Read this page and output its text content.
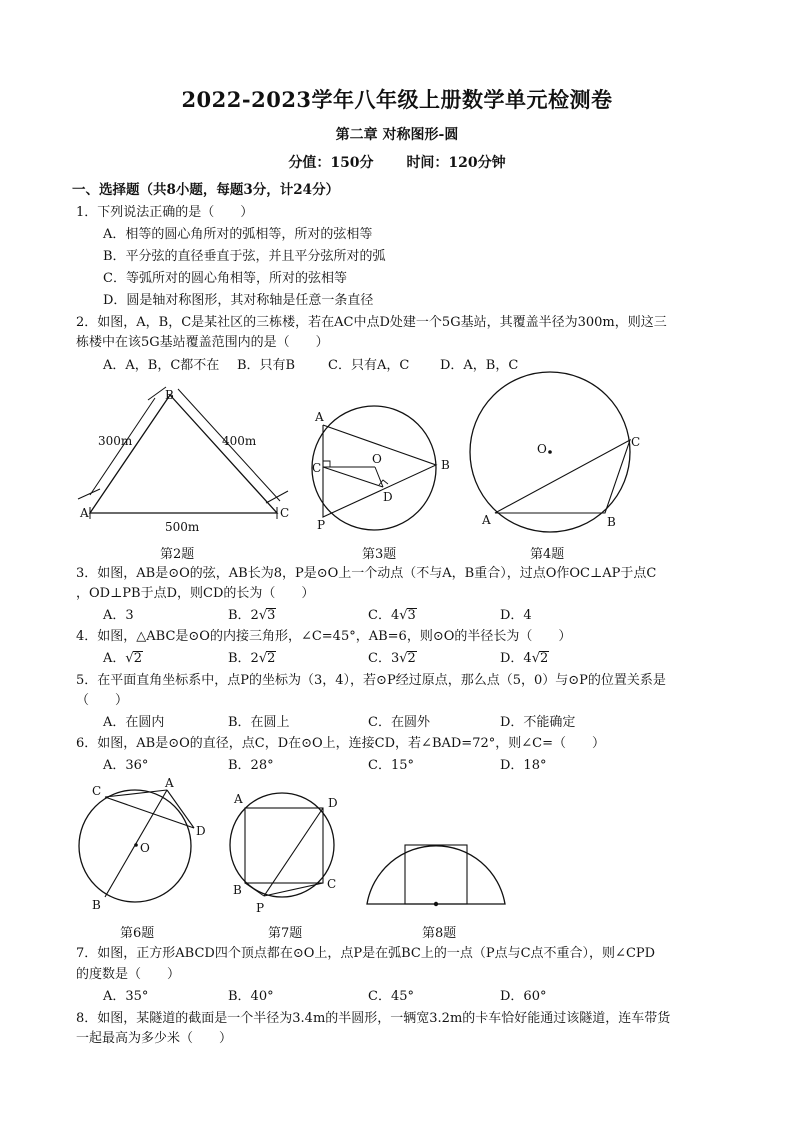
2022-2023学年八年级上册数学单元检测卷
第二章 对称图形-圆
分值：150分 时间：120分钟
一、选择题（共8小题，每题3分，计24分）
1．下列说法正确的是（　　）
A．相等的圆心角所对的弧相等，所对的弦相等
B．平分弦的直径垂直于弦，并且平分弦所对的弧
C．等弧所对的圆心角相等，所对的弦相等
D．圆是轴对称图形，其对称轴是任意一条直径
2．如图，A，B，C是某社区的三栋楼，若在AC中点D处建一个5G基站，其覆盖半径为300m，则这三
栋楼中在该5G基站覆盖范围内的是（　　）
A．A，B，C都不在 B．只有B	C．只有A，C D．A，B，C
A
B
C
300m	400m
500m
第2题
A
B
C
O
D
P
第3题
O
A	B
C
第4题
3．如图，AB是⊙O的弦，AB长为8，P是⊙O上一个动点（不与A，B重合），过点O作OC⊥AP于点C
，OD⊥PB于点D，则CD的长为（　　）
A．3	B．2√3	C．4√3	D．4
4．如图，△ABC是⊙O的内接三角形，∠C=45°，AB=6，则⊙O的半径长为（　　）
A．√2	B．2√2	C．3√2	D．4√2
5．在平面直角坐标系中，点P的坐标为（3，4），若⊙P经过原点，那么点（5，0）与⊙P的位置关系是
（　　）
A．在圆内	B．在圆上	C．在圆外	D．不能确定
6．如图，AB是⊙O的直径，点C，D在⊙O上，连接CD，若∠BAD=72°，则∠C=（　　）
A．36°	B．28°	C．15°	D．18°
C
A
D
O
B
第6题
A	D
B	C
P
第7题	第8题
7．如图，正方形ABCD四个顶点都在⊙O上，点P是在弧BC上的一点（P点与C点不重合），则∠CPD
的度数是（　　）
A．35°	B．40°	C．45°	D．60°
8．如图，某隧道的截面是一个半径为3.4m的半圆形，一辆宽3.2m的卡车恰好能通过该隧道，连车带货
一起最高为多少米（　　）
